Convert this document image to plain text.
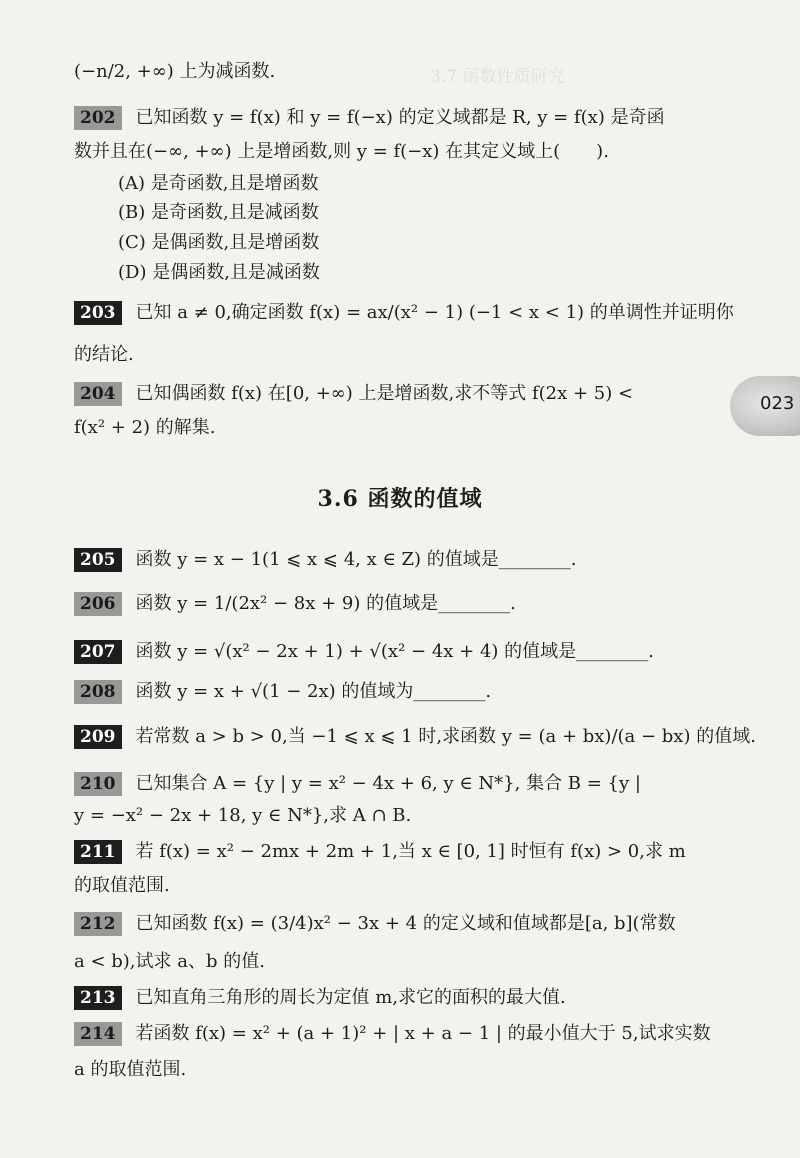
3.7 函数性质研究
(−n/2, +∞) 上为减函数.
202 已知函数 y = f(x) 和 y = f(−x) 的定义域都是 R, y = f(x) 是奇函
数并且在(−∞, +∞) 上是增函数,则 y = f(−x) 在其定义域上(　　).
(A) 是奇函数,且是增函数
(B) 是奇函数,且是减函数
(C) 是偶函数,且是增函数
(D) 是偶函数,且是减函数
203 已知 a ≠ 0,确定函数 f(x) = ax/(x² − 1) (−1 < x < 1) 的单调性并证明你
的结论.
204 已知偶函数 f(x) 在[0, +∞) 上是增函数,求不等式 f(2x + 5) <
f(x² + 2) 的解集.
3.6 函数的值域
205 函数 y = x − 1(1 ⩽ x ⩽ 4, x ∈ Z) 的值域是________.
206 函数 y = 1/(2x² − 8x + 9) 的值域是________.
207 函数 y = √(x² − 2x + 1) + √(x² − 4x + 4) 的值域是________.
208 函数 y = x + √(1 − 2x) 的值域为________.
209 若常数 a > b > 0,当 −1 ⩽ x ⩽ 1 时,求函数 y = (a + bx)/(a − bx) 的值域.
210 已知集合 A = {y | y = x² − 4x + 6, y ∈ N*}, 集合 B = {y |
y = −x² − 2x + 18, y ∈ N*},求 A ∩ B.
211 若 f(x) = x² − 2mx + 2m + 1,当 x ∈ [0, 1] 时恒有 f(x) > 0,求 m
的取值范围.
212 已知函数 f(x) = (3/4)x² − 3x + 4 的定义域和值域都是[a, b](常数
a < b),试求 a、b 的值.
213 已知直角三角形的周长为定值 m,求它的面积的最大值.
214 若函数 f(x) = x² + (a + 1)² + | x + a − 1 | 的最小值大于 5,试求实数
a 的取值范围.
023
